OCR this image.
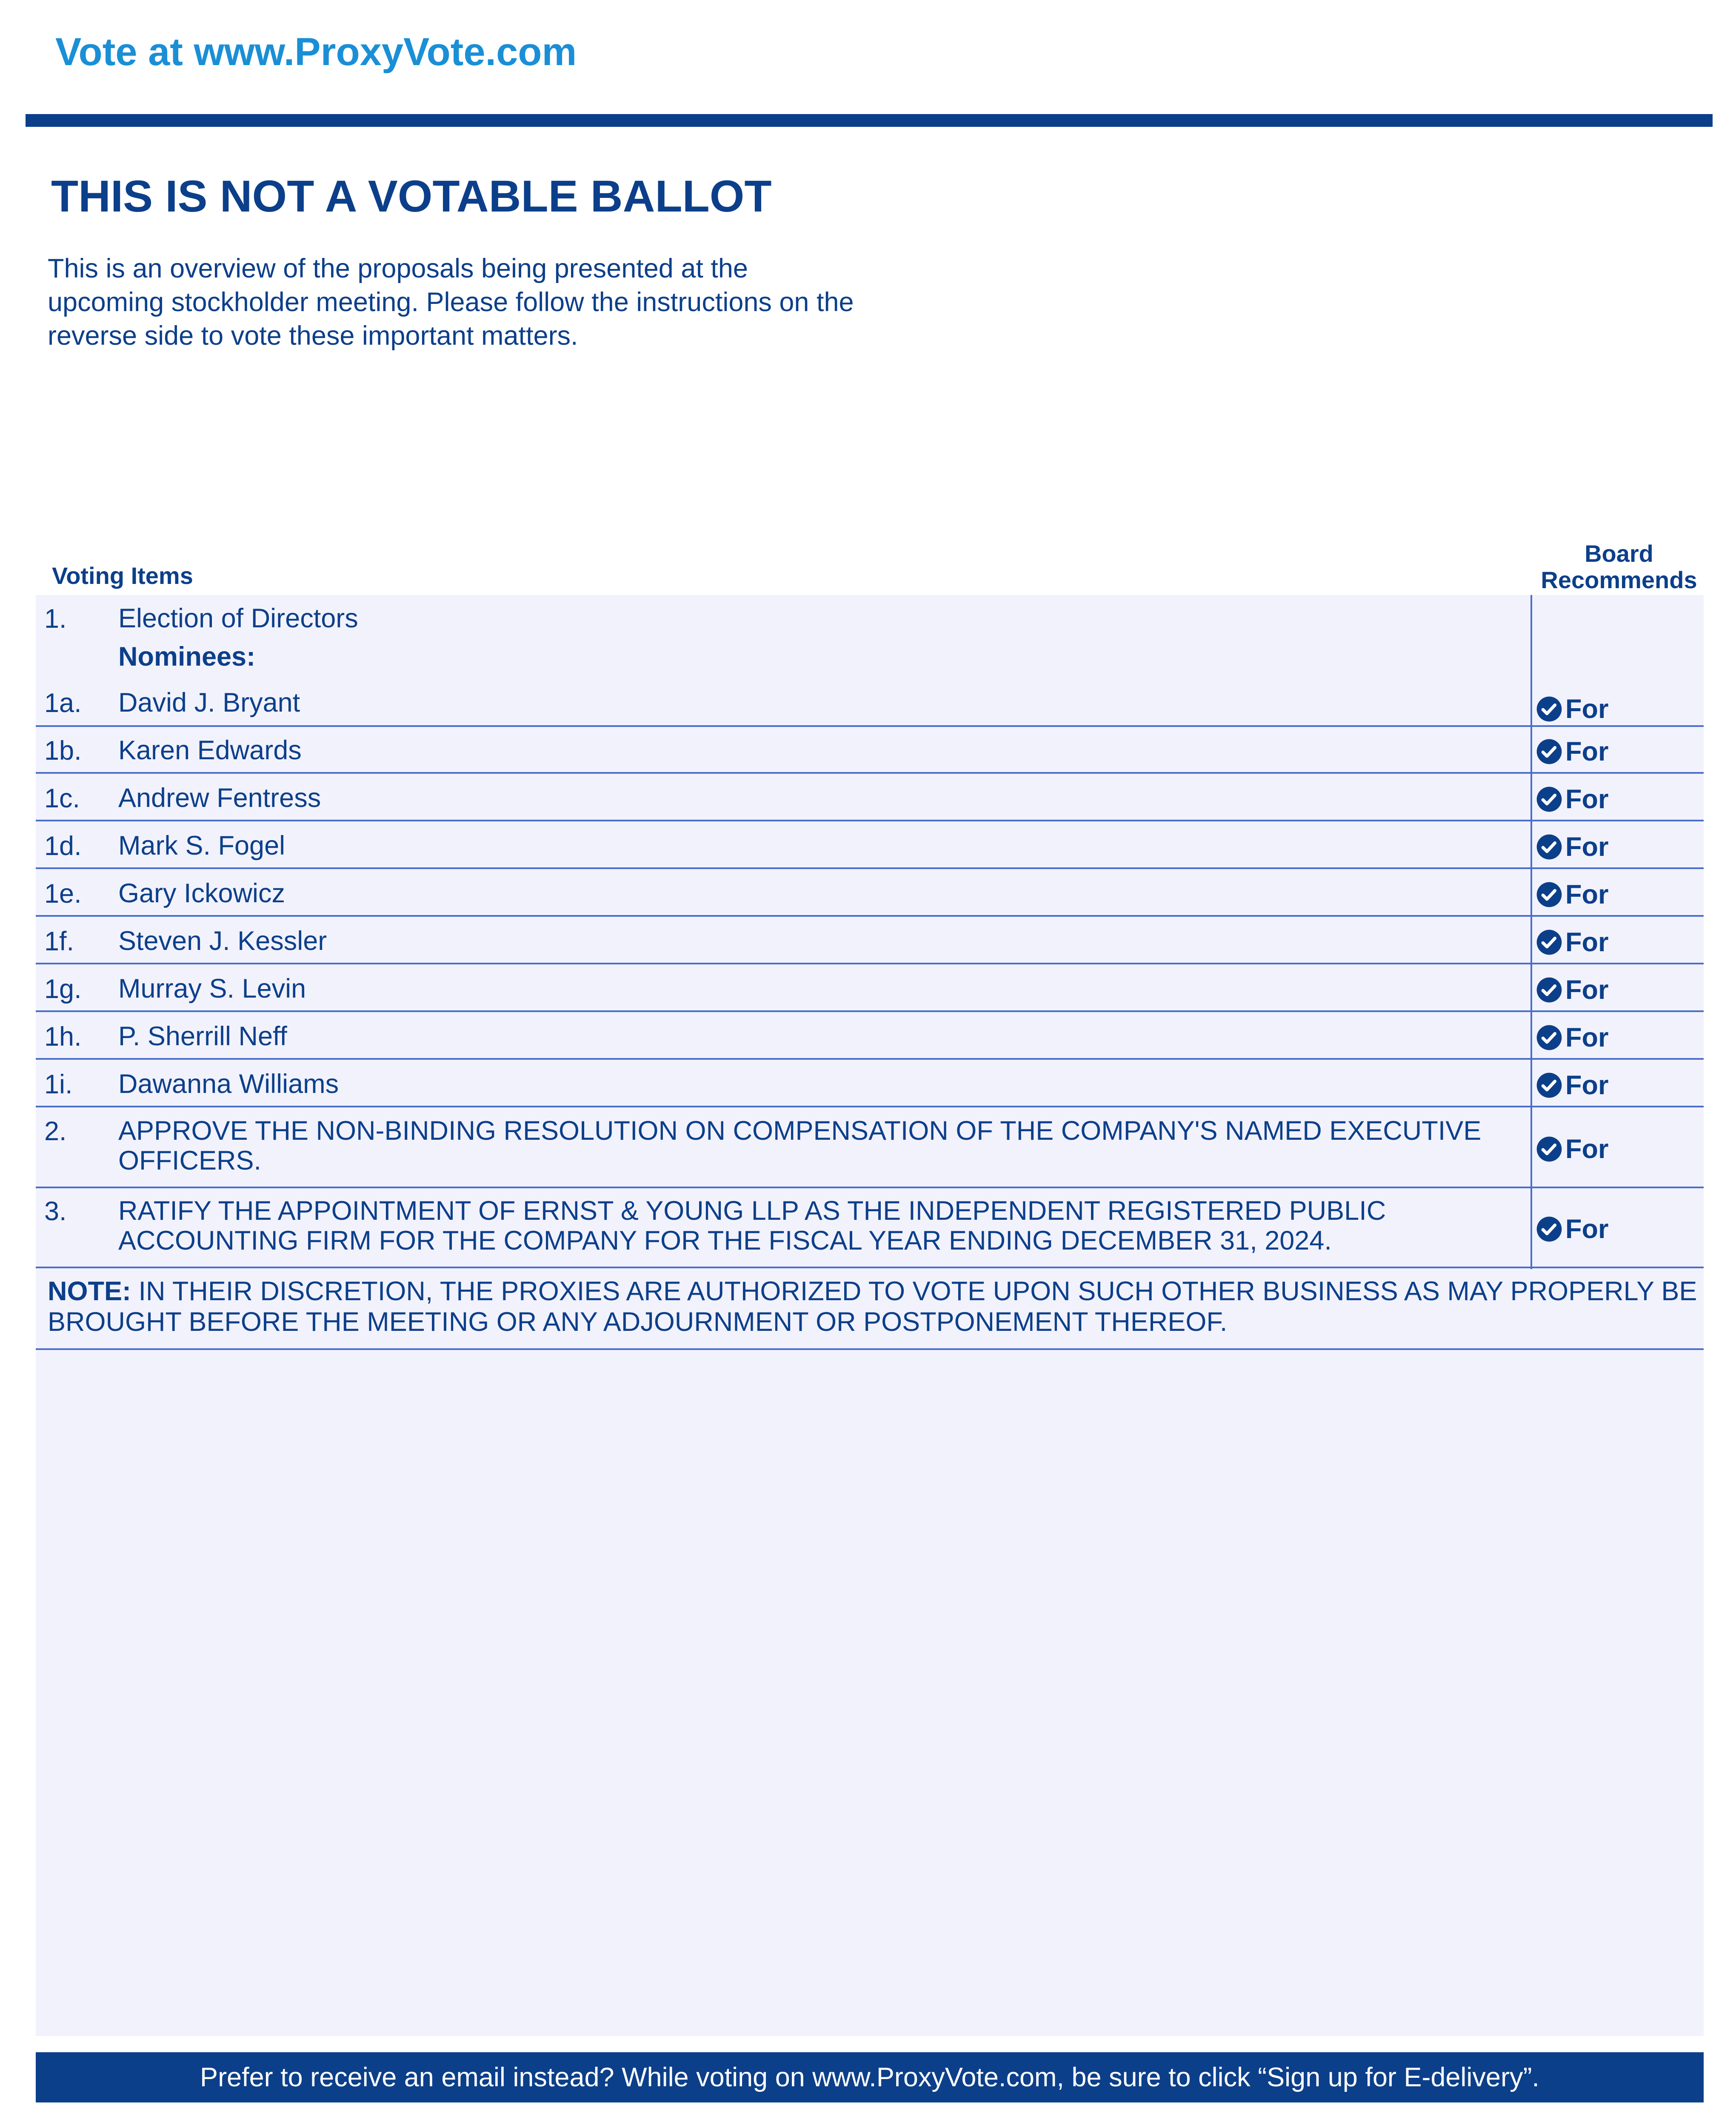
Vote at www.ProxyVote.com
THIS IS NOT A VOTABLE BALLOT
This is an overview of the proposals being presented at the upcoming stockholder meeting. Please follow the instructions on the reverse side to vote these important matters.
Voting Items
Board Recommends
1. Election of Directors
Nominees:
1a. David J. Bryant	For
1b. Karen Edwards	For
1c. Andrew Fentress	For
1d. Mark S. Fogel	For
1e. Gary Ickowicz	For
1f. Steven J. Kessler	For
1g. Murray S. Levin	For
1h. P. Sherrill Neff	For
1i. Dawanna Williams	For
2. APPROVE THE NON-BINDING RESOLUTION ON COMPENSATION OF THE COMPANY'S NAMED EXECUTIVE OFFICERS.	For
3. RATIFY THE APPOINTMENT OF ERNST & YOUNG LLP AS THE INDEPENDENT REGISTERED PUBLIC ACCOUNTING FIRM FOR THE COMPANY FOR THE FISCAL YEAR ENDING DECEMBER 31, 2024.	For
NOTE: IN THEIR DISCRETION, THE PROXIES ARE AUTHORIZED TO VOTE UPON SUCH OTHER BUSINESS AS MAY PROPERLY BE BROUGHT BEFORE THE MEETING OR ANY ADJOURNMENT OR POSTPONEMENT THEREOF.
Prefer to receive an email instead? While voting on www.ProxyVote.com, be sure to click “Sign up for E-delivery”.
